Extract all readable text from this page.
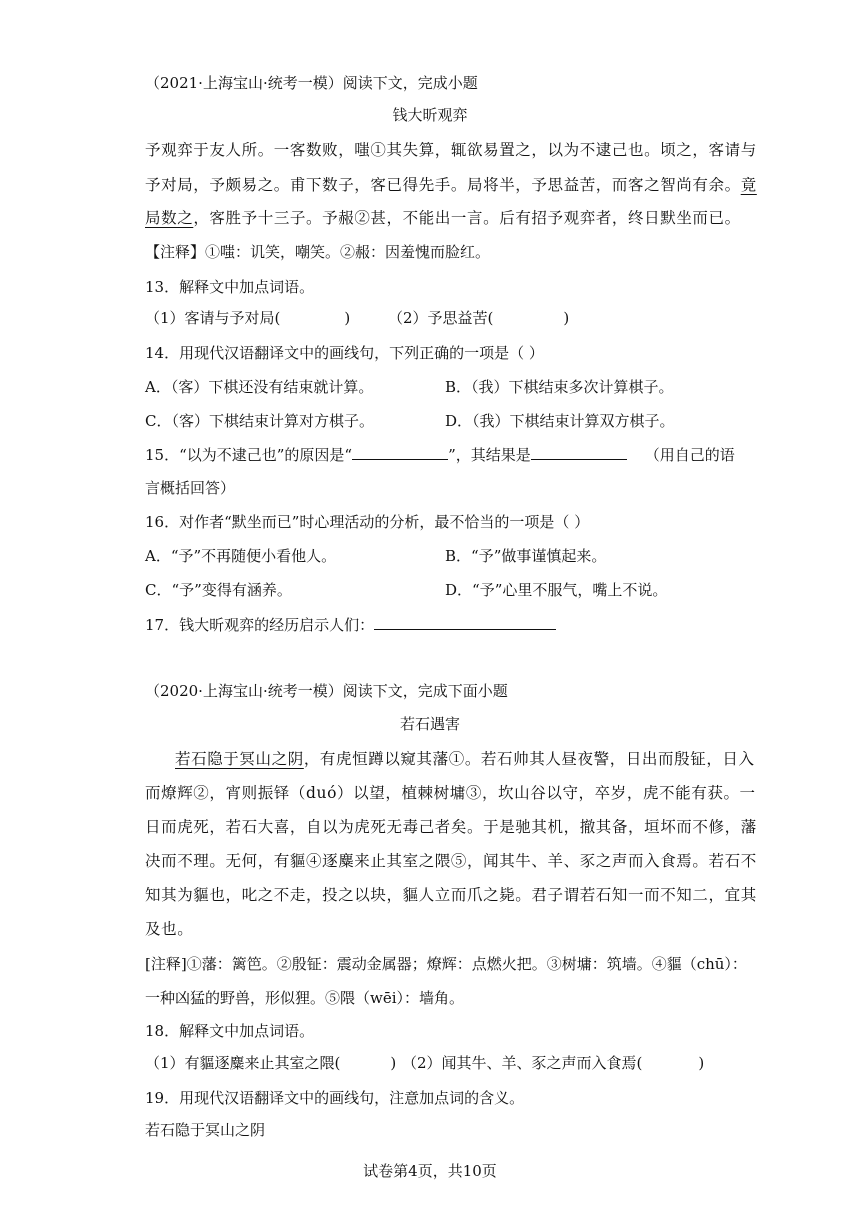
（2021·上海宝山·统考一模）阅读下文，完成小题
钱大昕观弈
予观弈于友人所。一客数败，嗤①其失算，辄欲易置之，以为不逮己也。顷之，客请与
予对局，予颇易之。甫下数子，客已得先手。局将半，予思益苦，而客之智尚有余。竟
局数之，客胜予十三子。予赧②甚，不能出一言。后有招予观弈者，终日默坐而已。
【注释】①嗤：讥笑，嘲笑。②赧：因羞愧而脸红。
13．解释文中加点词语。
（1）客请与予对局(	)	（2）予思益苦(	)
14．用现代汉语翻译文中的画线句，下列正确的一项是（ ）
A．（客）下棋还没有结束就计算。	B．（我）下棋结束多次计算棋子。
C．（客）下棋结束计算对方棋子。	D．（我）下棋结束计算双方棋子。
15．“以为不逮己也”的原因是“	”，其结果是	（用自己的语
言概括回答）
16．对作者“默坐而已”时心理活动的分析，最不恰当的一项是（ ）
A．“予”不再随便小看他人。	B．“予”做事谨慎起来。
C．“予”变得有涵养。	D．“予”心里不服气，嘴上不说。
17．钱大昕观弈的经历启示人们：
（2020·上海宝山·统考一模）阅读下文，完成下面小题
若石遇害
若石隐于冥山之阴，有虎恒蹲以窥其藩①。若石帅其人昼夜警，日出而殷钲，日入
而燎辉②，宵则振铎（duó）以望，植棘树墉③，坎山谷以守，卒岁，虎不能有获。一
日而虎死，若石大喜，自以为虎死无毒己者矣。于是驰其机，撤其备，垣坏而不修，藩
决而不理。无何，有貙④逐麋来止其室之隈⑤，闻其牛、羊、豕之声而入食焉。若石不
知其为貙也，叱之不走，投之以块，貙人立而爪之毙。君子谓若石知一而不知二，宜其
及也。
[注释]①藩：篱笆。②殷钲：震动金属器；燎辉：点燃火把。③树墉：筑墙。④貙（chū）：
一种凶猛的野兽，形似狸。⑤隈（wēi）：墙角。
18．解释文中加点词语。
（1）有貙逐麋来止其室之隈(	) （2）闻其牛、羊、豕之声而入食焉(	)
19．用现代汉语翻译文中的画线句，注意加点词的含义。
若石隐于冥山之阴
试卷第4页，共10页
